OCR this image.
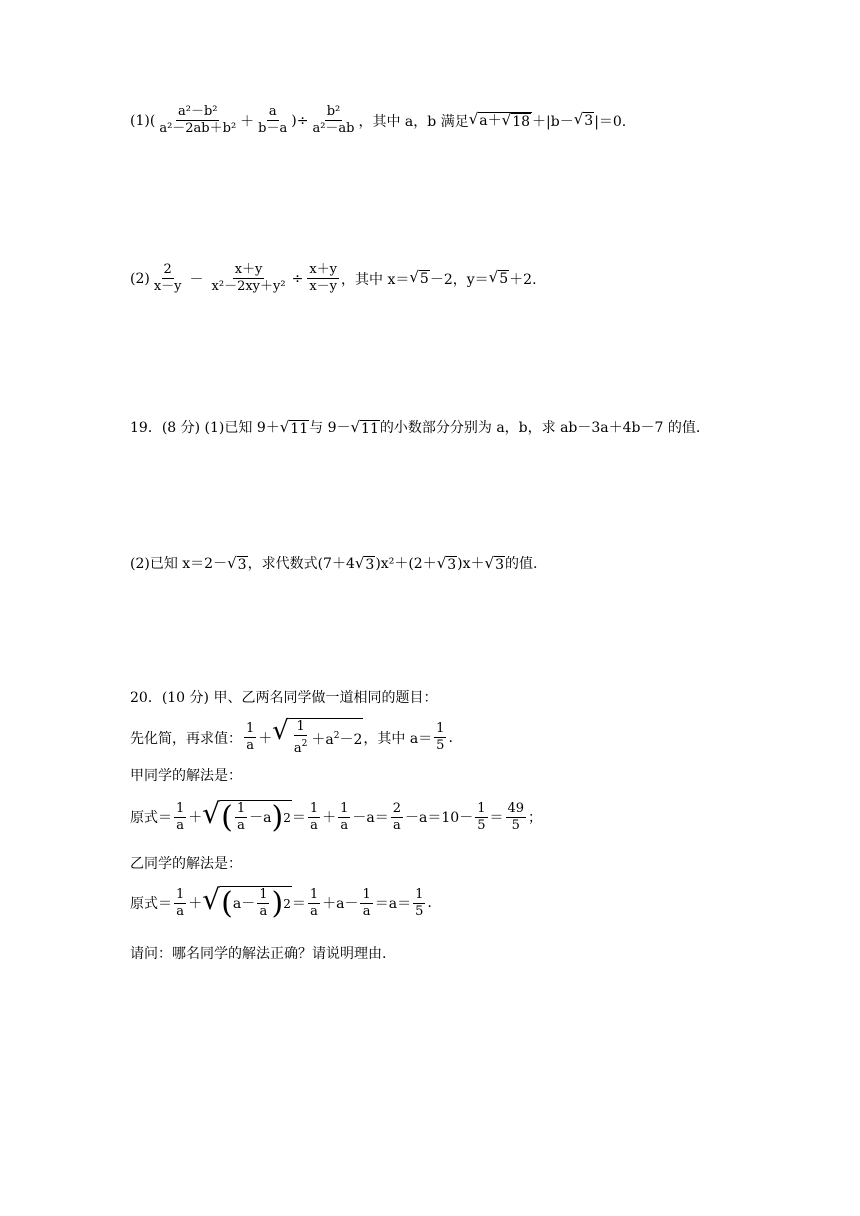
(1) ( $\frac{\text{a²－b²}}{\text{a²－2ab＋b²}} + \frac{a}{b-a}$ ) ÷ $\frac{\text{b²}}{\text{a²－ab}}$ ，其中 a，b 满足 √ a＋ √ 18 ＋|b－ √ 3 |＝0.
$(2) \frac{2}{x-y} - \frac{x+y}{\text{x²－2xy＋y²}} \div \frac{x+y}{x-y}$ ，其中 x＝ √ 5 －2，y＝ √ 5 ＋2.
19．(8 分) (1)已知 9＋ √ 11 与 9－ √ 11 的小数部分分别为 a，b，求 ab－3a＋4b－7 的值.
(2)已知 x＝2－ √ 3 ，求代数式(7＋4 √ 3 )x²＋(2＋ √ 3 )x＋ √ 3 的值.
20．(10 分) 甲、乙两名同学做一道相同的题目：
先化简，再求值： $\frac{1}{a}$ ＋ √ $\frac{1}{a^2} +a^2-2$ ，其中 $a= \frac{1}{5}$ .
甲同学的解法是：
原式＝ $\frac{1}{a}$ ＋ √ ( $\frac{1}{a} -a$ ) $2 = \frac{1}{a} + \frac{1}{a} -a= \frac{2}{a} -a=10- \frac{1}{5} = \frac{49}{5}$ ；
乙同学的解法是：
原式＝ $\frac{1}{a}$ ＋ √ ( $a- \frac{1}{a}$ ) $2 = \frac{1}{a} +a- \frac{1}{a} =a= \frac{1}{5}$ .
请问：哪名同学的解法正确？请说明理由.
